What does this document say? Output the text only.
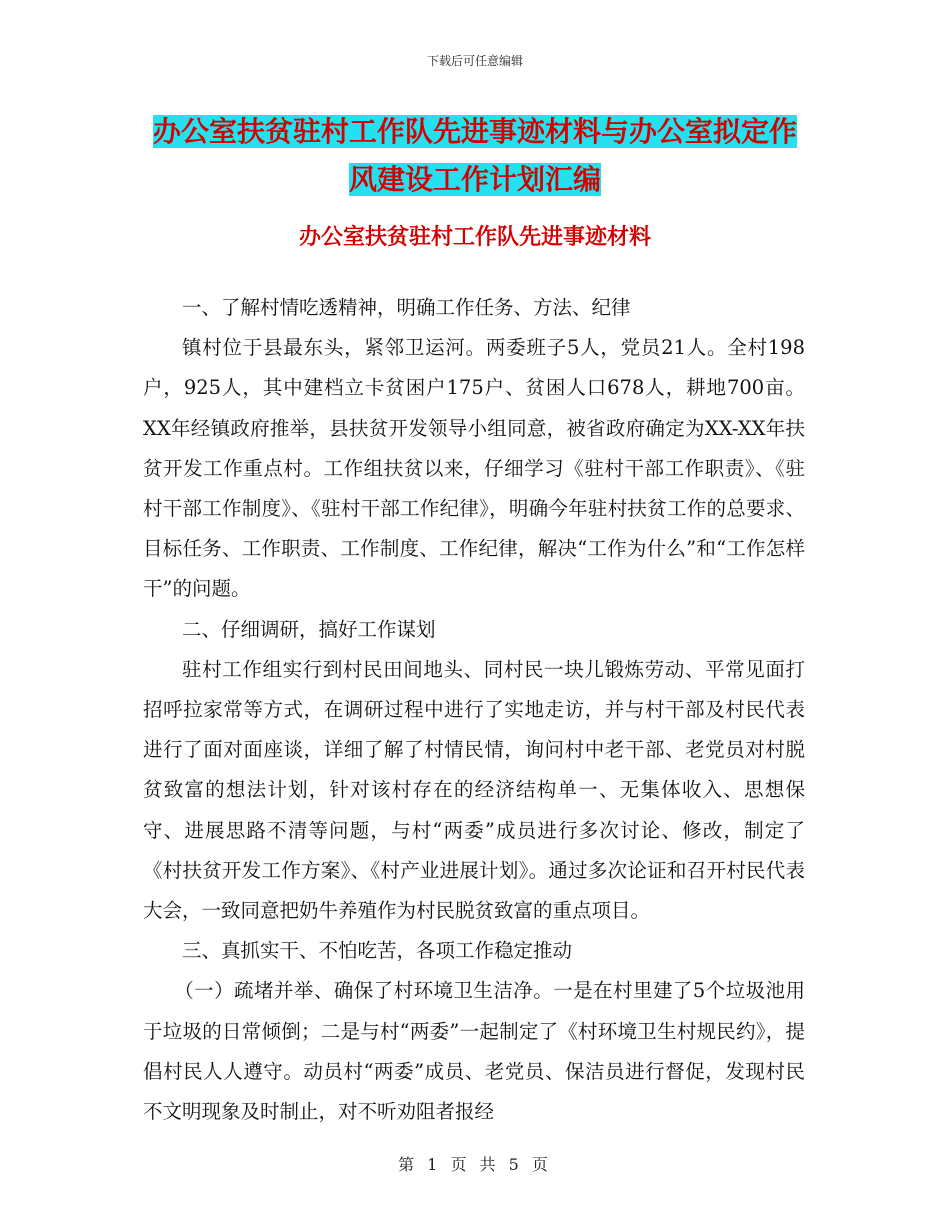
下载后可任意编辑
办公室扶贫驻村工作队先进事迹材料与办公室拟定作风建设工作计划汇编
办公室扶贫驻村工作队先进事迹材料

一、了解村情吃透精神，明确工作任务、方法、纪律

镇村位于县最东头，紧邻卫运河。两委班子5人，党员21人。全村198户，925人，其中建档立卡贫困户175户、贫困人口678人，耕地700亩。XX年经镇政府推举，县扶贫开发领导小组同意，被省政府确定为XX-XX年扶贫开发工作重点村。工作组扶贫以来，仔细学习《驻村干部工作职责》、《驻村干部工作制度》、《驻村干部工作纪律》，明确今年驻村扶贫工作的总要求、目标任务、工作职责、工作制度、工作纪律，解决“工作为什么”和“工作怎样干”的问题。

二、仔细调研，搞好工作谋划

驻村工作组实行到村民田间地头、同村民一块儿锻炼劳动、平常见面打招呼拉家常等方式，在调研过程中进行了实地走访，并与村干部及村民代表进行了面对面座谈，详细了解了村情民情，询问村中老干部、老党员对村脱贫致富的想法计划，针对该村存在的经济结构单一、无集体收入、思想保守、进展思路不清等问题，与村“两委”成员进行多次讨论、修改，制定了《村扶贫开发工作方案》、《村产业进展计划》。通过多次论证和召开村民代表大会，一致同意把奶牛养殖作为村民脱贫致富的重点项目。

三、真抓实干、不怕吃苦，各项工作稳定推动

（一）疏堵并举、确保了村环境卫生洁净。一是在村里建了5个垃圾池用于垃圾的日常倾倒；二是与村“两委”一起制定了《村环境卫生村规民约》，提倡村民人人遵守。动员村“两委”成员、老党员、保洁员进行督促，发现村民不文明现象及时制止，对不听劝阻者报经

第 1 页 共 5 页
